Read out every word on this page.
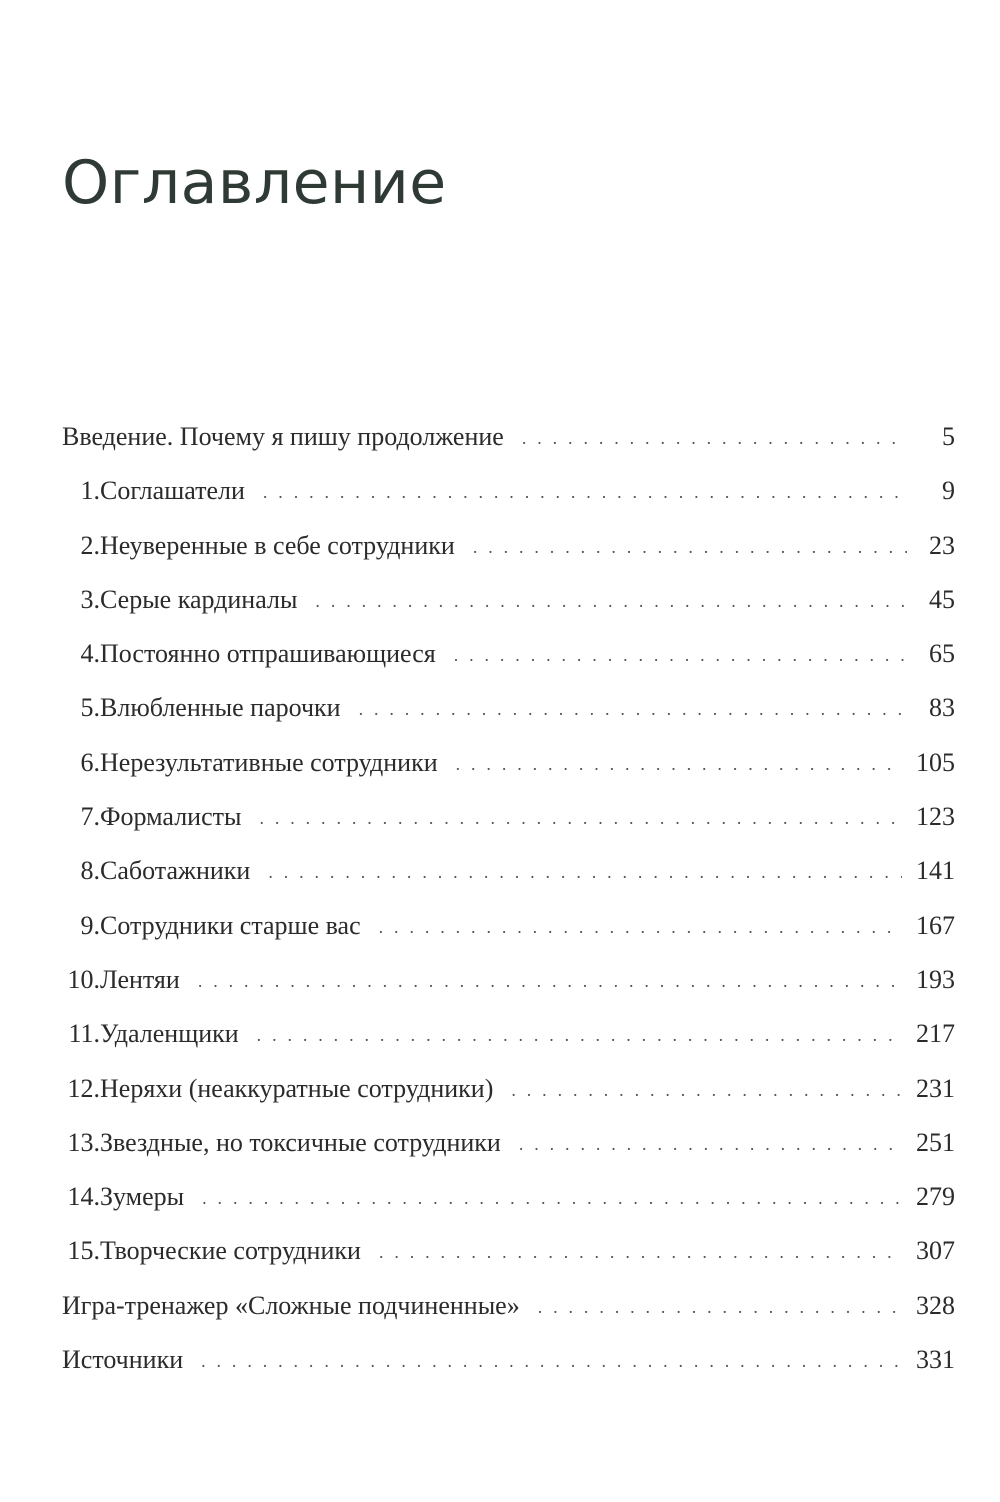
Оглавление
Введение. Почему я пишу продолжение . . .	5
1. Соглашатели . . .	9
2. Неуверенные в себе сотрудники . . .	23
3. Серые кардиналы . . .	45
4. Постоянно отпрашивающиеся . . .	65
5. Влюбленные парочки . . .	83
6. Нерезультативные сотрудники . . .	105
7. Формалисты . . .	123
8. Саботажники . . .	141
9. Сотрудники старше вас . . .	167
10. Лентяи . . .	193
11. Удаленщики . . .	217
12. Неряхи (неаккуратные сотрудники) . . .	231
13. Звездные, но токсичные сотрудники . . .	251
14. Зумеры . . .	279
15. Творческие сотрудники . . .	307
Игра-тренажер «Сложные подчиненные» . . .	328
Источники . . .	331
